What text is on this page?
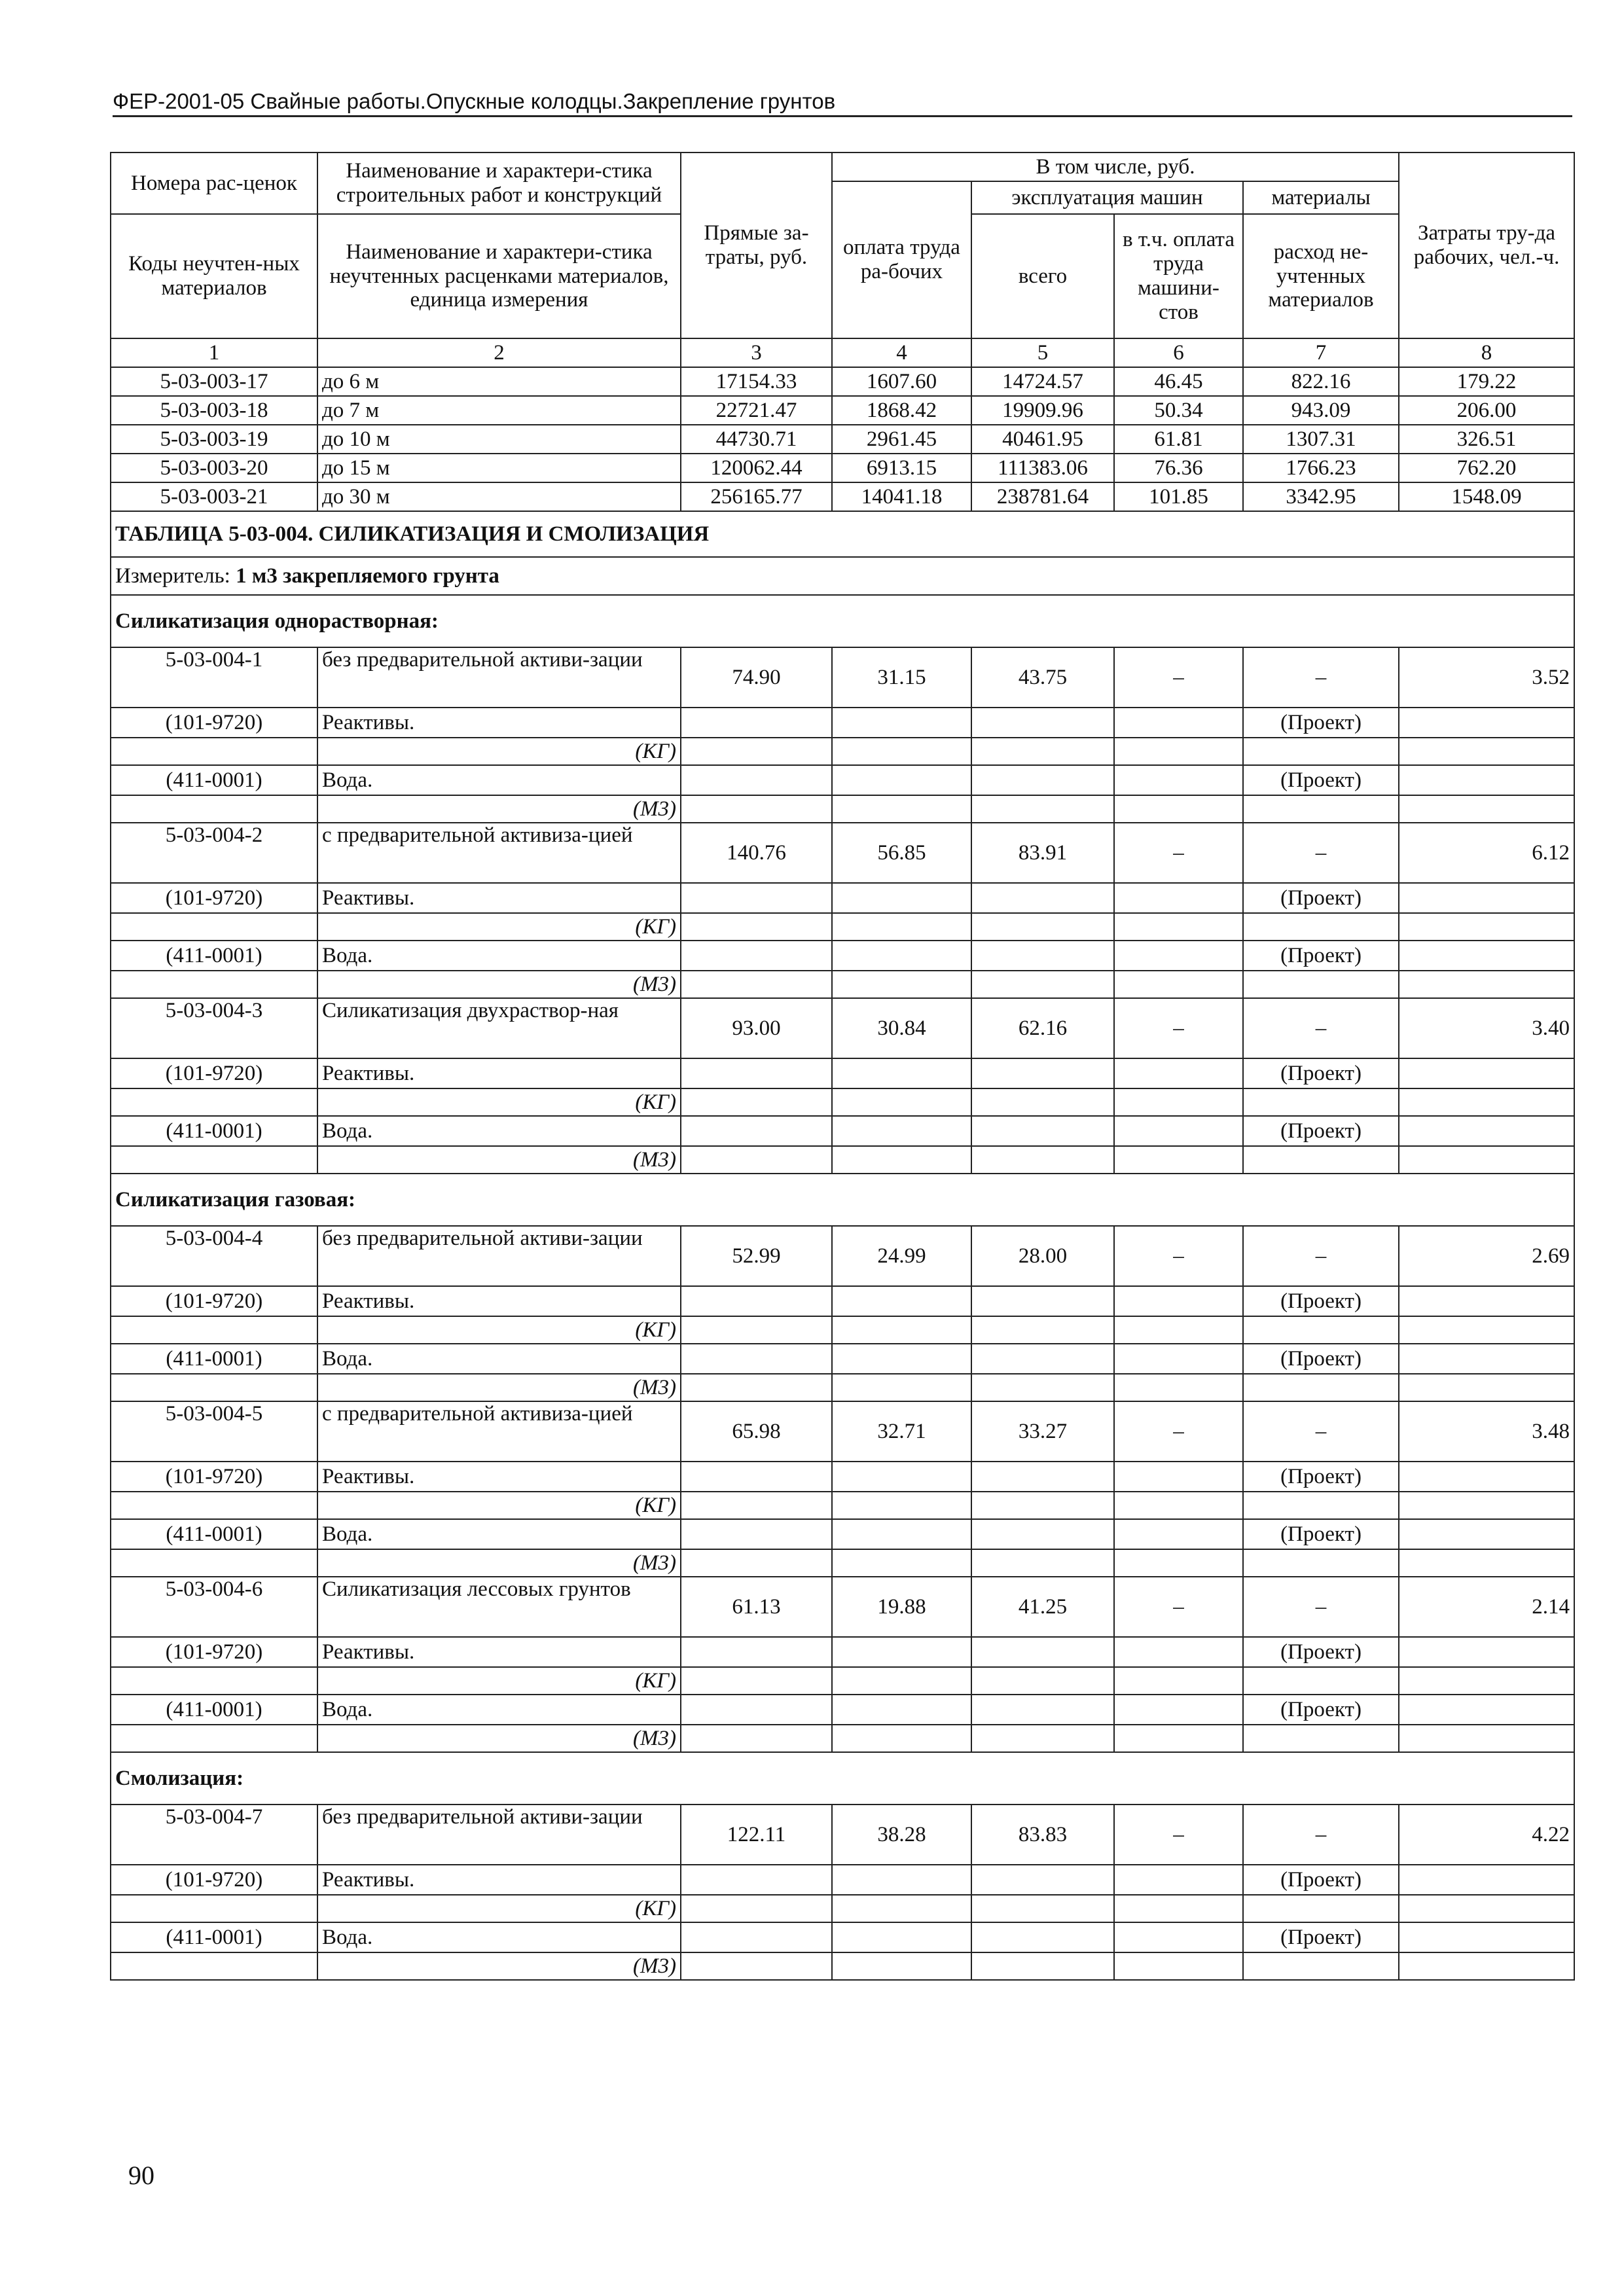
ФЕР-2001-05 Свайные работы.Опускные колодцы.Закрепление грунтов
Номера рас-ценок	Наименование и характери-стика строительных работ и конструкций	Прямые за-траты, руб.	В том числе, руб.				Затраты тру-да рабочих, чел.-ч.
			оплата труда ра-бочих	эксплуатация машин		материалы	

Коды неучтен-ных материалов	Наименование и характери-стика неучтенных расценками материалов, единица измерения			всего	в т.ч. оплата труда машини-стов	расход не-учтенных материалов	

1	2	3	4	5	6	7	8
5-03-003-17	до 6 м	17154.33	1607.60	14724.57	46.45	822.16	179.22
5-03-003-18	до 7 м	22721.47	1868.42	19909.96	50.34	943.09	206.00
5-03-003-19	до 10 м	44730.71	2961.45	40461.95	61.81	1307.31	326.51
5-03-003-20	до 15 м	120062.44	6913.15	111383.06	76.36	1766.23	762.20
5-03-003-21	до 30 м	256165.77	14041.18	238781.64	101.85	3342.95	1548.09
ТАБЛИЦА 5-03-004. СИЛИКАТИЗАЦИЯ И СМОЛИЗАЦИЯ							
Измеритель: 1 м3 закрепляемого грунта							
Силикатизация однорастворная:							
5-03-004-1	без предварительной активи-зации	74.90	31.15	43.75	–	–	3.52
(101-9720)	Реактивы.					(Проект)	
	(КГ)						
(411-0001)	Вода.					(Проект)	
	(М3)						
5-03-004-2	с предварительной активиза-цией	140.76	56.85	83.91	–	–	6.12
(101-9720)	Реактивы.					(Проект)	
	(КГ)						
(411-0001)	Вода.					(Проект)	
	(М3)						
5-03-004-3	Силикатизация двухраствор-ная	93.00	30.84	62.16	–	–	3.40
(101-9720)	Реактивы.					(Проект)	
	(КГ)						
(411-0001)	Вода.					(Проект)	
	(М3)						
Силикатизация газовая:							
5-03-004-4	без предварительной активи-зации	52.99	24.99	28.00	–	–	2.69
(101-9720)	Реактивы.					(Проект)	
	(КГ)						
(411-0001)	Вода.					(Проект)	
	(М3)						
5-03-004-5	с предварительной активиза-цией	65.98	32.71	33.27	–	–	3.48
(101-9720)	Реактивы.					(Проект)	
	(КГ)						
(411-0001)	Вода.					(Проект)	
	(М3)						
5-03-004-6	Силикатизация лессовых грунтов	61.13	19.88	41.25	–	–	2.14
(101-9720)	Реактивы.					(Проект)	
	(КГ)						
(411-0001)	Вода.					(Проект)	
	(М3)						
Смолизация:							
5-03-004-7	без предварительной активи-зации	122.11	38.28	83.83	–	–	4.22
(101-9720)	Реактивы.					(Проект)	
	(КГ)						
(411-0001)	Вода.					(Проект)	
	(М3)						
90
